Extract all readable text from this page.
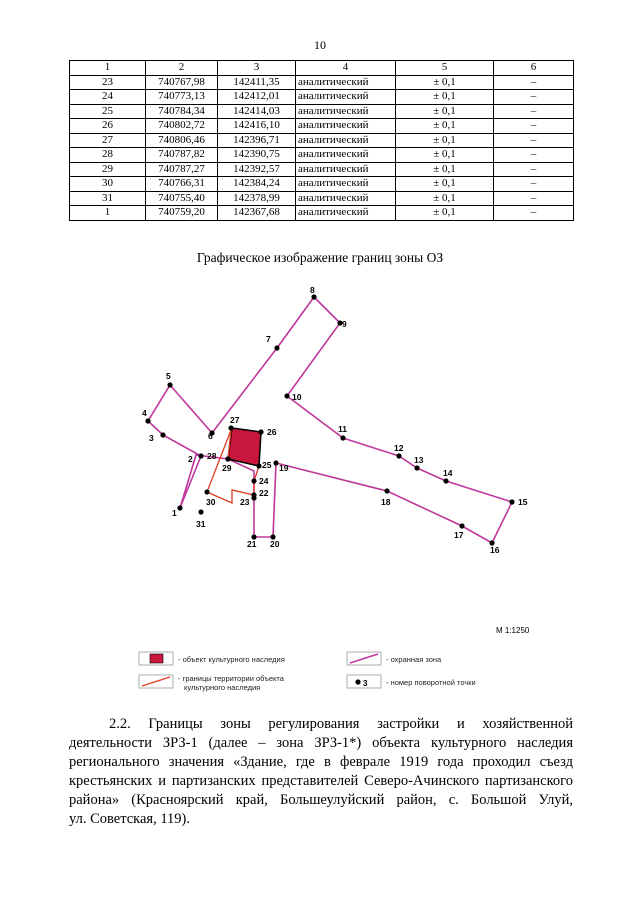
10
1	2	3	4	5	6
23	740767,98	142411,35	аналитический	± 0,1	–
24	740773,13	142412,01	аналитический	± 0,1	–
25	740784,34	142414,03	аналитический	± 0,1	–
26	740802,72	142416,10	аналитический	± 0,1	–
27	740806,46	142396,71	аналитический	± 0,1	–
28	740787,82	142390,75	аналитический	± 0,1	–
29	740787,27	142392,57	аналитический	± 0,1	–
30	740766,31	142384,24	аналитический	± 0,1	–
31	740755,40	142378,99	аналитический	± 0,1	–
1	740759,20	142367,68	аналитический	± 0,1	–
Графическое изображение границ зоны ОЗ
1
2
3
4
5
6
7
8
9
10
11
12
13
14
15
16
17
18
19
20
21
22
23
24
25
26
27
28
29
30
31
3
М 1:1250
- объект культурного наследия
- границы территории объекта
культурного наследия
- охранная зона
- номер поворотной точки
2.2. Границы зоны регулирования застройки и хозяйственной
деятельности ЗРЗ-1 (далее – зона ЗРЗ-1*) объекта культурного наследия
регионального значения «Здание, где в феврале 1919 года проходил съезд
крестьянских и партизанских представителей Северо-Ачинского партизанского
района» (Красноярский край, Большеулуйский район, с. Большой Улуй,
ул. Советская, 119).
